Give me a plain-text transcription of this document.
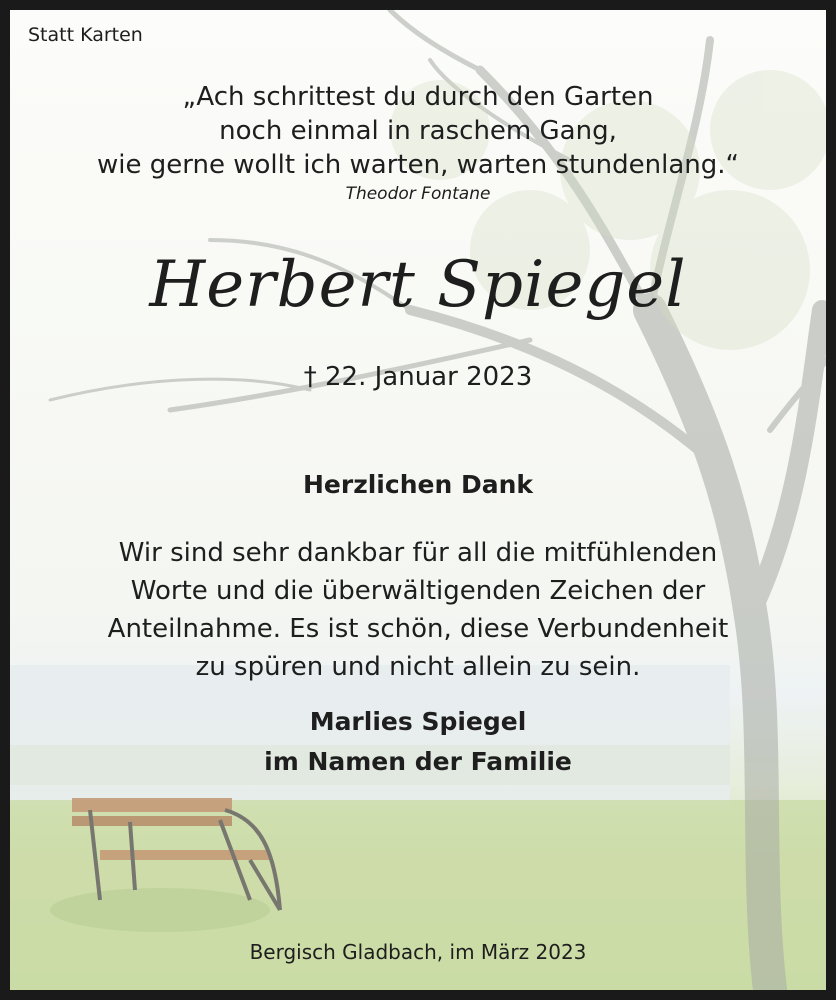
Statt Karten
„Ach schrittest du durch den Garten
noch einmal in raschem Gang,
wie gerne wollt ich warten, warten stundenlang.“
Theodor Fontane
Herbert Spiegel
† 22. Januar 2023
Herzlichen Dank
Wir sind sehr dankbar für all die mitfühlenden
Worte und die überwältigenden Zeichen der
Anteilnahme. Es ist schön, diese Verbundenheit
zu spüren und nicht allein zu sein.
Marlies Spiegel
im Namen der Familie
Bergisch Gladbach, im März 2023
